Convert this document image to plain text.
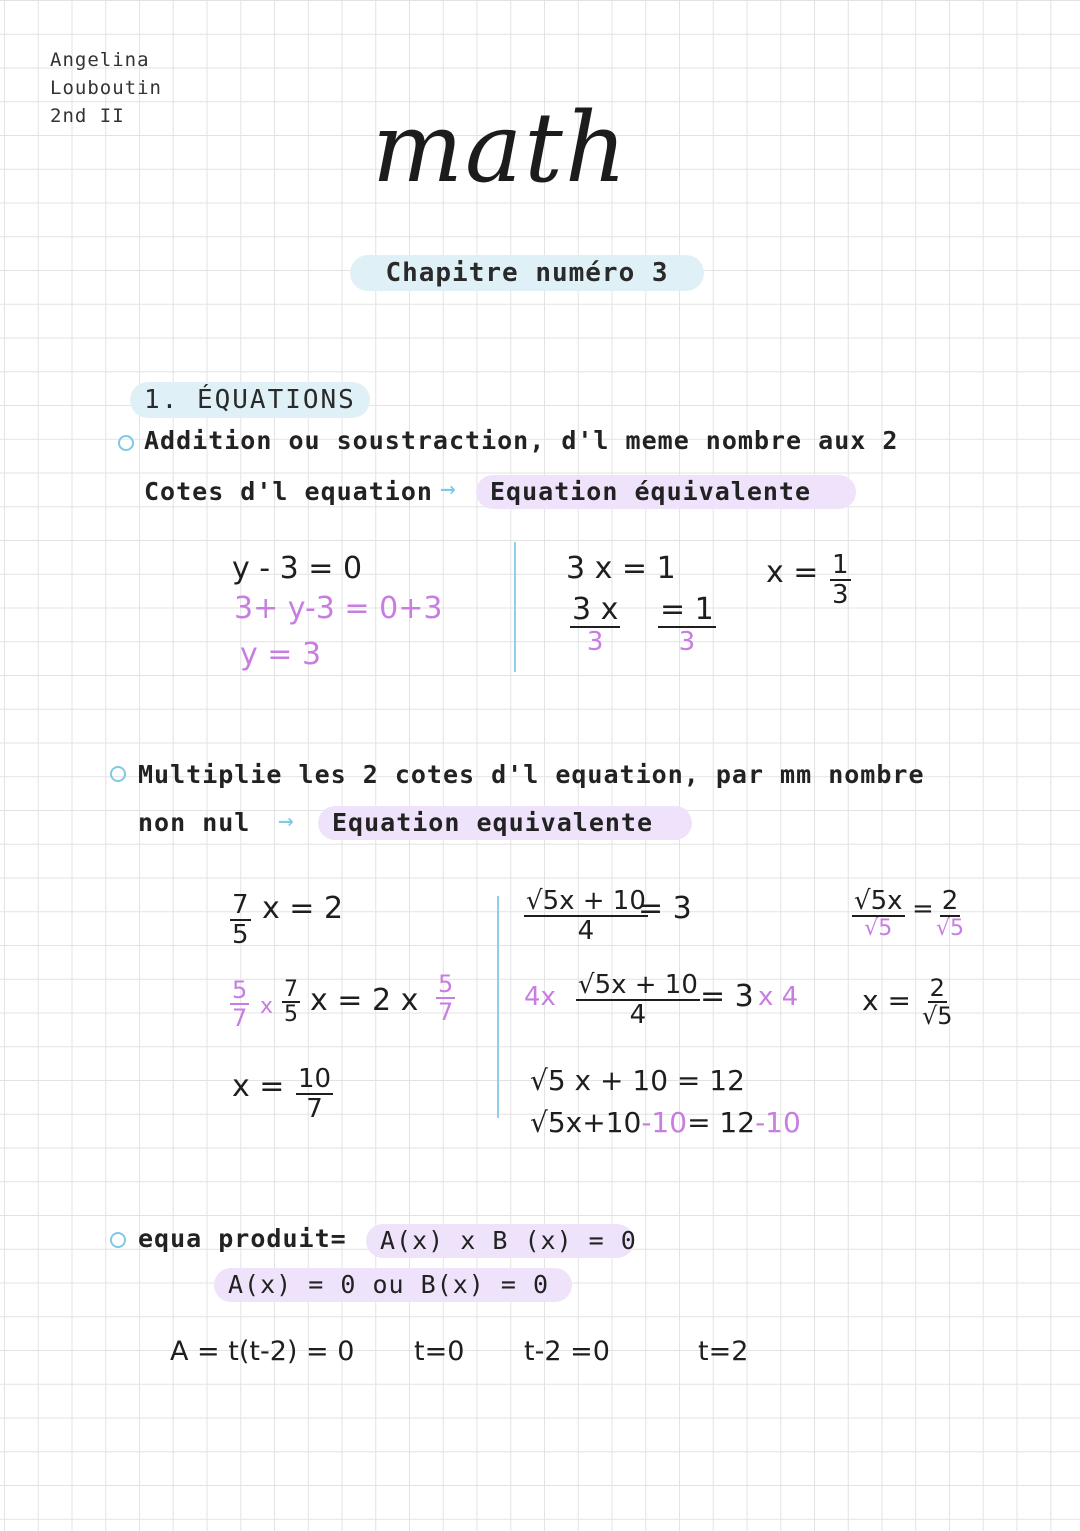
Angelina
Louboutin
2nd II	math
Chapitre numéro 3
1. ÉQUATIONS
Addition ou soustraction, d'l meme nombre aux 2
Cotes d'l equation →	Equation équivalente
y - 3 = 0
3+ y-3 = 0+3
y = 3
3 x = 1
$\frac{3 x}{3} \frac{= 1}{3}$
$x = \frac{1}{3}$
Multiplie les 2 cotes d'l equation, par mm nombre
non nul →	Equation equivalente
$\frac{7}{5}$ x = 2
5
7 x
7
5 x = 2 x 5
7
$x = \frac{10}{7}$
$\frac{√5x + 10}{4}$
= 3
$4x \frac{√5x + 10}{4} = 3$ x 4
√5 x + 10 = 12
√5x+10-10= 12-10
√5x
√5
= 2
√5
$x = \frac{2}{√5}$
equa produit=	A(x) x B (x) = 0
A(x) = 0 ou B(x) = 0
A = t(t-2) = 0 t=0 t-2 =0	t=2
